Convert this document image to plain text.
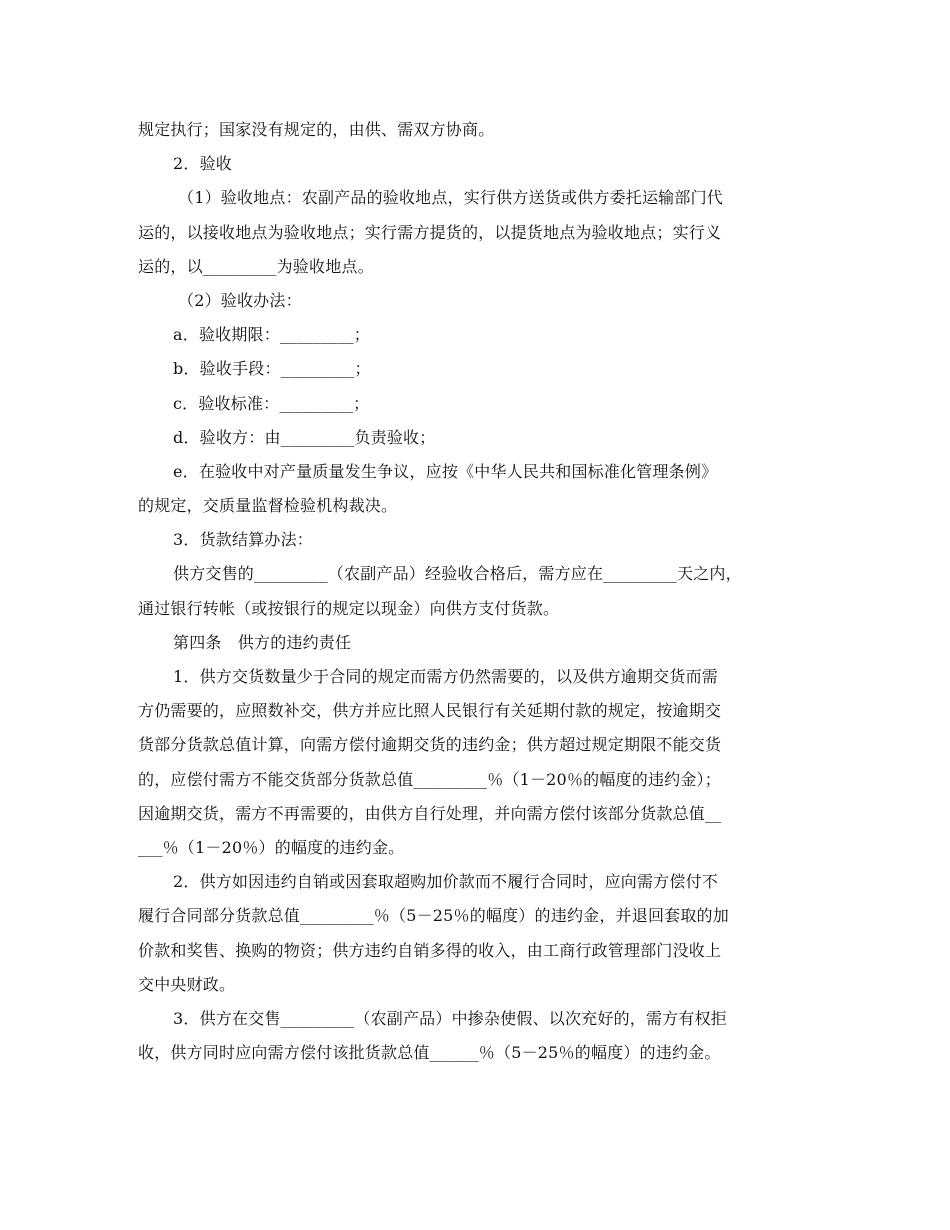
规定执行；国家没有规定的，由供、需双方协商。
2．验收
（1）验收地点：农副产品的验收地点，实行供方送货或供方委托运输部门代
运的，以接收地点为验收地点；实行需方提货的，以提货地点为验收地点；实行义
运的，以_________为验收地点。
（2）验收办法：
a．验收期限：_________；
b．验收手段：_________；
c．验收标准：_________；
d．验收方：由_________负责验收；
e．在验收中对产量质量发生争议，应按《中华人民共和国标准化管理条例》
的规定，交质量监督检验机构裁决。
3．货款结算办法：
供方交售的_________（农副产品）经验收合格后，需方应在_________天之内，
通过银行转帐（或按银行的规定以现金）向供方支付货款。
第四条　供方的违约责任
1．供方交货数量少于合同的规定而需方仍然需要的，以及供方逾期交货而需
方仍需要的，应照数补交，供方并应比照人民银行有关延期付款的规定，按逾期交
货部分货款总值计算，向需方偿付逾期交货的违约金；供方超过规定期限不能交货
的，应偿付需方不能交货部分货款总值_________％（1－20％的幅度的违约金）；
因逾期交货，需方不再需要的，由供方自行处理，并向需方偿付该部分货款总值__
___％（1－20％）的幅度的违约金。
2．供方如因违约自销或因套取超购加价款而不履行合同时，应向需方偿付不
履行合同部分货款总值_________％（5－25％的幅度）的违约金，并退回套取的加
价款和奖售、换购的物资；供方违约自销多得的收入，由工商行政管理部门没收上
交中央财政。
3．供方在交售_________（农副产品）中掺杂使假、以次充好的，需方有权拒
收，供方同时应向需方偿付该批货款总值______％（5－25％的幅度）的违约金。
